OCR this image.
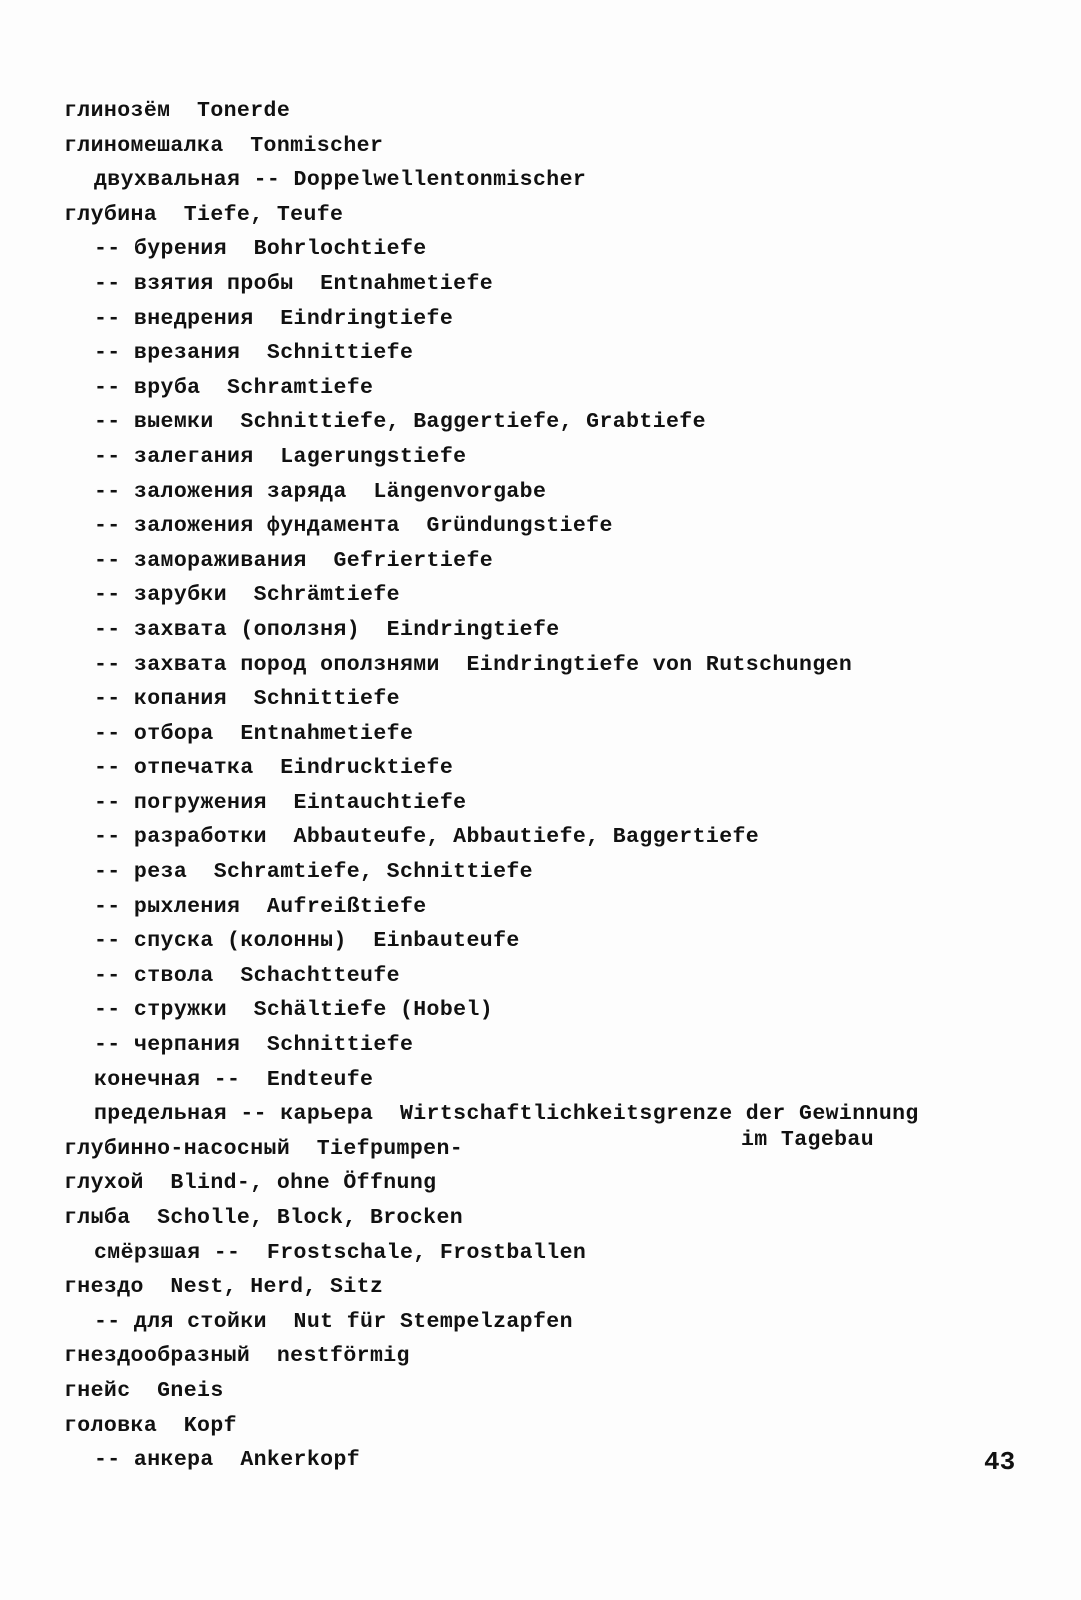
глинозём  Tonerde
глиномешалка  Tonmischer
двухвальная -- Doppelwellentonmischer
глубина  Tiefe, Teufe
-- бурения  Bohrlochtiefe
-- взятия пробы  Entnahmetiefe
-- внедрения  Eindringtiefe
-- врезания  Schnittiefe
-- вруба  Schramtiefe
-- выемки  Schnittiefe, Baggertiefe, Grabtiefe
-- залегания  Lagerungstiefe
-- заложения заряда  Längenvorgabe
-- заложения фундамента  Gründungstiefe
-- замораживания  Gefriertiefe
-- зарубки  Schrämtiefe
-- захвата (оползня)  Eindringtiefe
-- захвата пород оползнями  Eindringtiefe von Rutschungen
-- копания  Schnittiefe
-- отбора  Entnahmetiefe
-- отпечатка  Eindrucktiefe
-- погружения  Eintauchtiefe
-- разработки  Abbauteufe, Abbautiefe, Baggertiefe
-- реза  Schramtiefe, Schnittiefe
-- рыхления  Aufreißtiefe
-- спуска (колонны)  Einbauteufe
-- ствола  Schachtteufe
-- стружки  Schältiefe (Hobel)
-- черпания  Schnittiefe
конечная --  Endteufe
предельная -- карьера  Wirtschaftlichkeitsgrenze der Gewinnung
глубинно-насосный  Tiefpumpen-
глухой  Blind-, ohne Öffnung
глыба  Scholle, Block, Brocken
смёрзшая --  Frostschale, Frostballen
гнездо  Nest, Herd, Sitz
-- для стойки  Nut für Stempelzapfen
гнездообразный  nestförmig
гнейс  Gneis
головка  Kopf
-- анкера  Ankerkopf
im Tagebau
43
